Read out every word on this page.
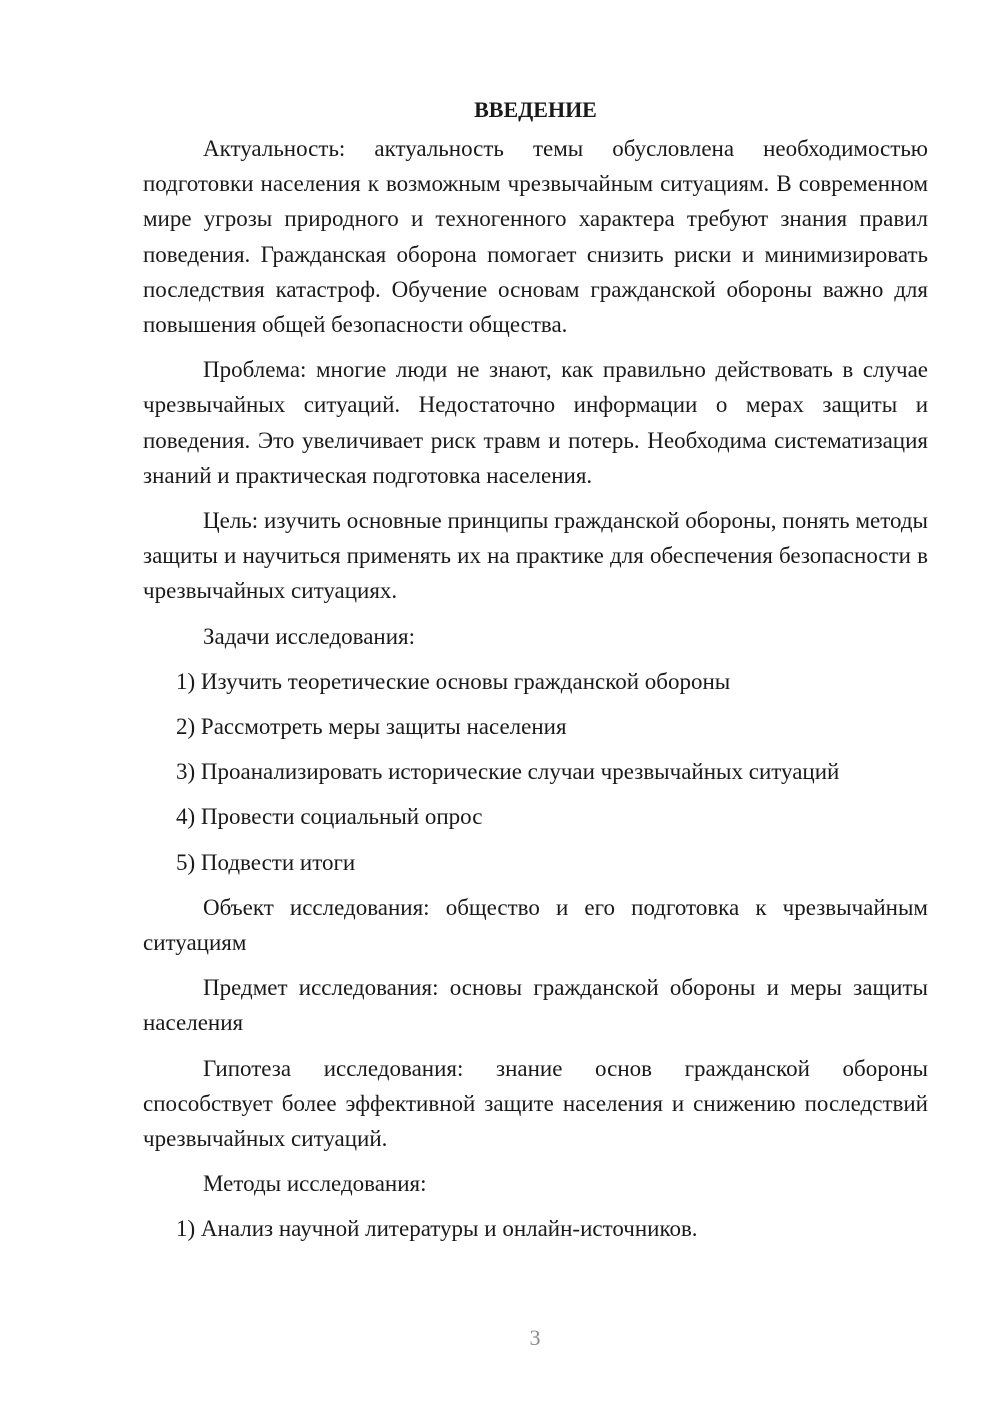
ВВЕДЕНИЕ

Актуальность: актуальность темы обусловлена необходимостью подготовки населения к возможным чрезвычайным ситуациям. В современном мире угрозы природного и техногенного характера требуют знания правил поведения. Гражданская оборона помогает снизить риски и минимизировать последствия катастроф. Обучение основам гражданской обороны важно для повышения общей безопасности общества.

Проблема: многие люди не знают, как правильно действовать в случае чрезвычайных ситуаций. Недостаточно информации о мерах защиты и поведения. Это увеличивает риск травм и потерь. Необходима систематизация знаний и практическая подготовка населения.

Цель: изучить основные принципы гражданской обороны, понять методы защиты и научиться применять их на практике для обеспечения безопасности в чрезвычайных ситуациях.

Задачи исследования:

1) Изучить теоретические основы гражданской обороны
2) Рассмотреть меры защиты населения
3) Проанализировать исторические случаи чрезвычайных ситуаций
4) Провести социальный опрос
5) Подвести итоги

Объект исследования: общество и его подготовка к чрезвычайным ситуациям

Предмет исследования: основы гражданской обороны и меры защиты населения

Гипотеза исследования: знание основ гражданской обороны способствует более эффективной защите населения и снижению последствий чрезвычайных ситуаций.

Методы исследования:

1) Анализ научной литературы и онлайн-источников.
3
